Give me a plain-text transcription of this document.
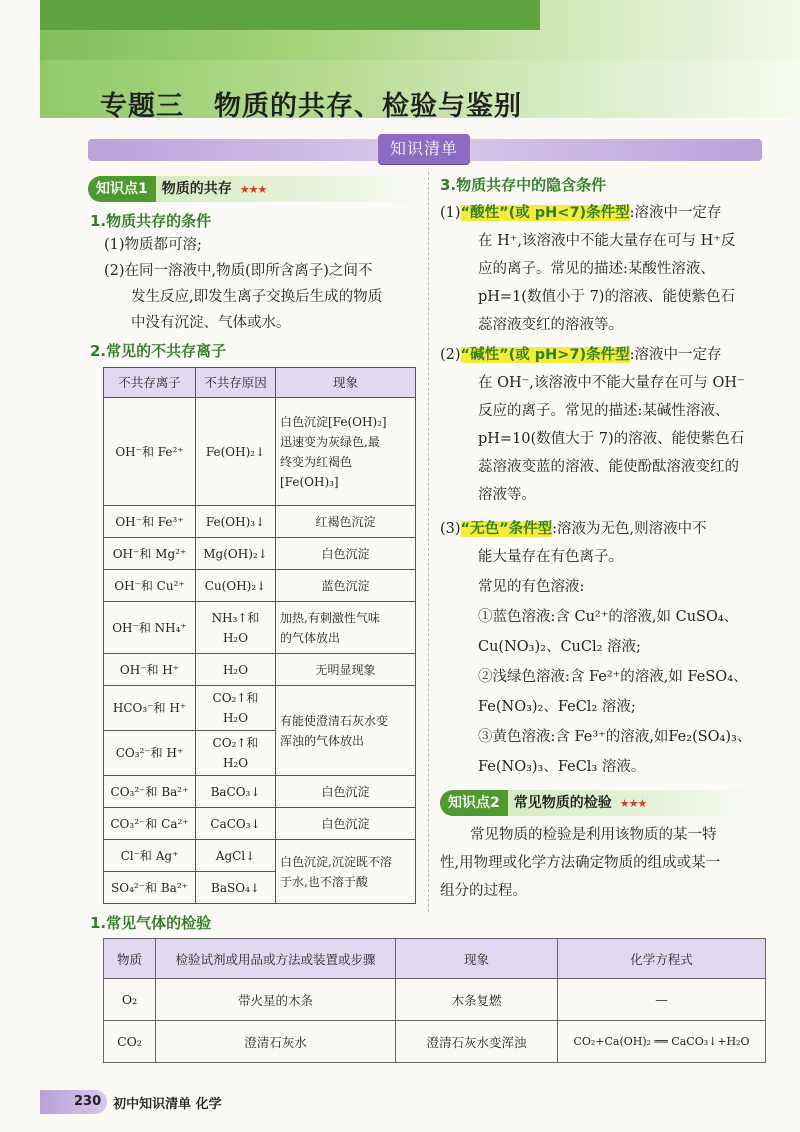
专题三 物质的共存、检验与鉴别
知识清单
知识点1 物质的共存 ★★★
1.物质共存的条件
(1)物质都可溶;
(2)在同一溶液中,物质(即所含离子)之间不
发生反应,即发生离子交换后生成的物质
中没有沉淀、气体或水。
2.常见的不共存离子
不共存离子	不共存原因	现象
OH⁻和 Fe²⁺	Fe(OH)₂↓	白色沉淀[Fe(OH)₂]
迅速变为灰绿色,最
终变为红褐色
[Fe(OH)₃]

OH⁻和 Fe³⁺	Fe(OH)₃↓	红褐色沉淀
OH⁻和 Mg²⁺	Mg(OH)₂↓	白色沉淀
OH⁻和 Cu²⁺	Cu(OH)₂↓	蓝色沉淀
OH⁻和 NH₄⁺	NH₃↑和 H₂O	加热,有刺激性气味
的气体放出

OH⁻和 H⁺	H₂O	无明显现象
HCO₃⁻和 H⁺	CO₂↑和 H₂O	有能使澄清石灰水变
浑浊的气体放出

CO₃²⁻和 H⁺	CO₂↑和 H₂O	
CO₃²⁻和 Ba²⁺	BaCO₃↓	白色沉淀
CO₃²⁻和 Ca²⁺	CaCO₃↓	白色沉淀
Cl⁻和 Ag⁺	AgCl↓	白色沉淀,沉淀既不溶
于水,也不溶于酸

SO₄²⁻和 Ba²⁺	BaSO₄↓	
3.物质共存中的隐含条件
(1)“酸性”(或 pH<7)条件型:溶液中一定存
在 H⁺,该溶液中不能大量存在可与 H⁺反
应的离子。常见的描述:某酸性溶液、
pH=1(数值小于 7)的溶液、能使紫色石
蕊溶液变红的溶液等。
(2)“碱性”(或 pH>7)条件型:溶液中一定存
在 OH⁻,该溶液中不能大量存在可与 OH⁻
反应的离子。常见的描述:某碱性溶液、
pH=10(数值大于 7)的溶液、能使紫色石
蕊溶液变蓝的溶液、能使酚酞溶液变红的
溶液等。
(3)“无色”条件型:溶液为无色,则溶液中不
能大量存在有色离子。
常见的有色溶液:
①蓝色溶液:含 Cu²⁺的溶液,如 CuSO₄、
Cu(NO₃)₂、CuCl₂ 溶液;
②浅绿色溶液:含 Fe²⁺的溶液,如 FeSO₄、
Fe(NO₃)₂、FeCl₂ 溶液;
③黄色溶液:含 Fe³⁺的溶液,如Fe₂(SO₄)₃、
Fe(NO₃)₃、FeCl₃ 溶液。
知识点2 常见物质的检验 ★★★
常见物质的检验是利用该物质的某一特
性,用物理或化学方法确定物质的组成或某一
组分的过程。
1.常见气体的检验
物质	检验试剂或用品或方法或装置或步骤	现象	化学方程式
O₂	带火星的木条	木条复燃	—
CO₂	澄清石灰水	澄清石灰水变浑浊	CO₂+Ca(OH)₂ ══ CaCO₃↓+H₂O
230 初中知识清单 化学
